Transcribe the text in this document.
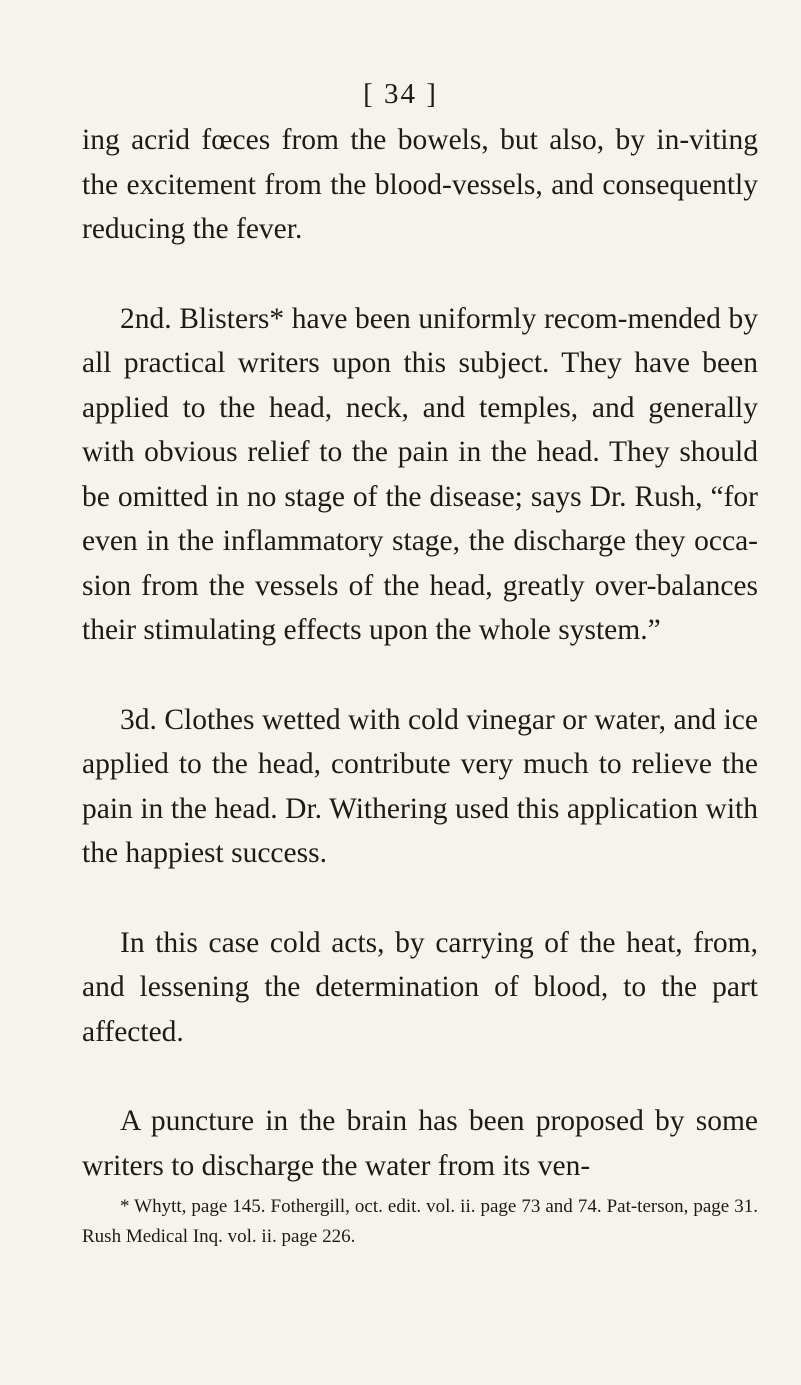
[ 34 ]

ing acrid fœces from the bowels, but also, by in-viting the excitement from the blood-vessels, and consequently reducing the fever.

2nd. Blisters* have been uniformly recom-mended by all practical writers upon this subject. They have been applied to the head, neck, and temples, and generally with obvious relief to the pain in the head. They should be omitted in no stage of the disease; says Dr. Rush, “for even in the inflammatory stage, the discharge they occa-sion from the vessels of the head, greatly over-balances their stimulating effects upon the whole system.”

3d. Clothes wetted with cold vinegar or water, and ice applied to the head, contribute very much to relieve the pain in the head. Dr. Withering used this application with the happiest success.

In this case cold acts, by carrying of the heat, from, and lessening the determination of blood, to the part affected.

A puncture in the brain has been proposed by some writers to discharge the water from its ven-

* Whytt, page 145. Fothergill, oct. edit. vol. ii. page 73 and 74. Pat-terson, page 31. Rush Medical Inq. vol. ii. page 226.
